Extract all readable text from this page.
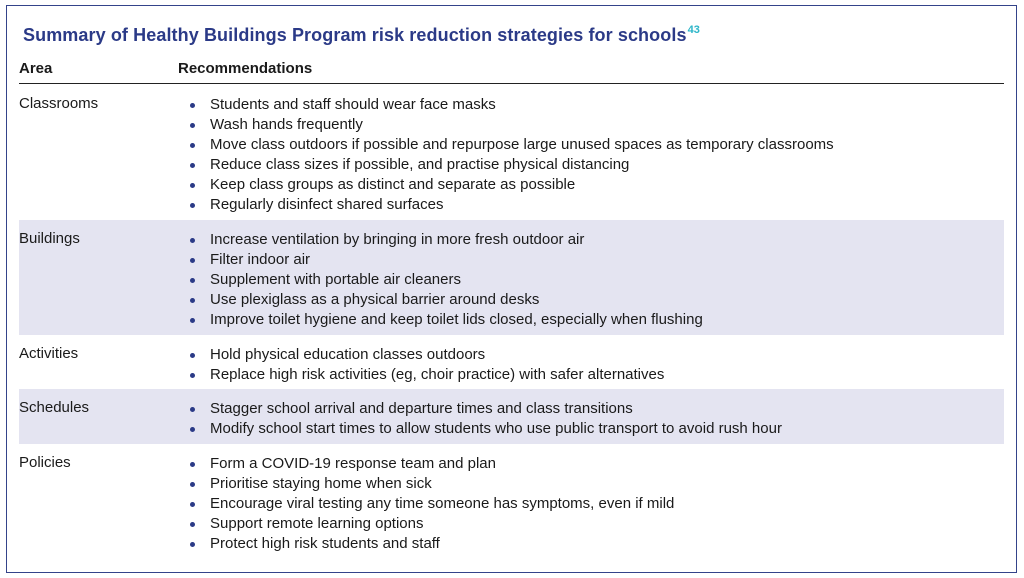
Summary of Healthy Buildings Program risk reduction strategies for schools$^{43}$
Area	Recommendations
Classrooms	Students and staff should wear face masks
Wash hands frequently
Move class outdoors if possible and repurpose large unused spaces as temporary classrooms
Reduce class sizes if possible, and practise physical distancing
Keep class groups as distinct and separate as possible
Regularly disinfect shared surfaces
Buildings	Increase ventilation by bringing in more fresh outdoor air
Filter indoor air
Supplement with portable air cleaners
Use plexiglass as a physical barrier around desks
Improve toilet hygiene and keep toilet lids closed, especially when flushing
Activities	Hold physical education classes outdoors
Replace high risk activities (eg, choir practice) with safer alternatives
Schedules	Stagger school arrival and departure times and class transitions
Modify school start times to allow students who use public transport to avoid rush hour
Policies	Form a COVID-19 response team and plan
Prioritise staying home when sick
Encourage viral testing any time someone has symptoms, even if mild
Support remote learning options
Protect high risk students and staff
